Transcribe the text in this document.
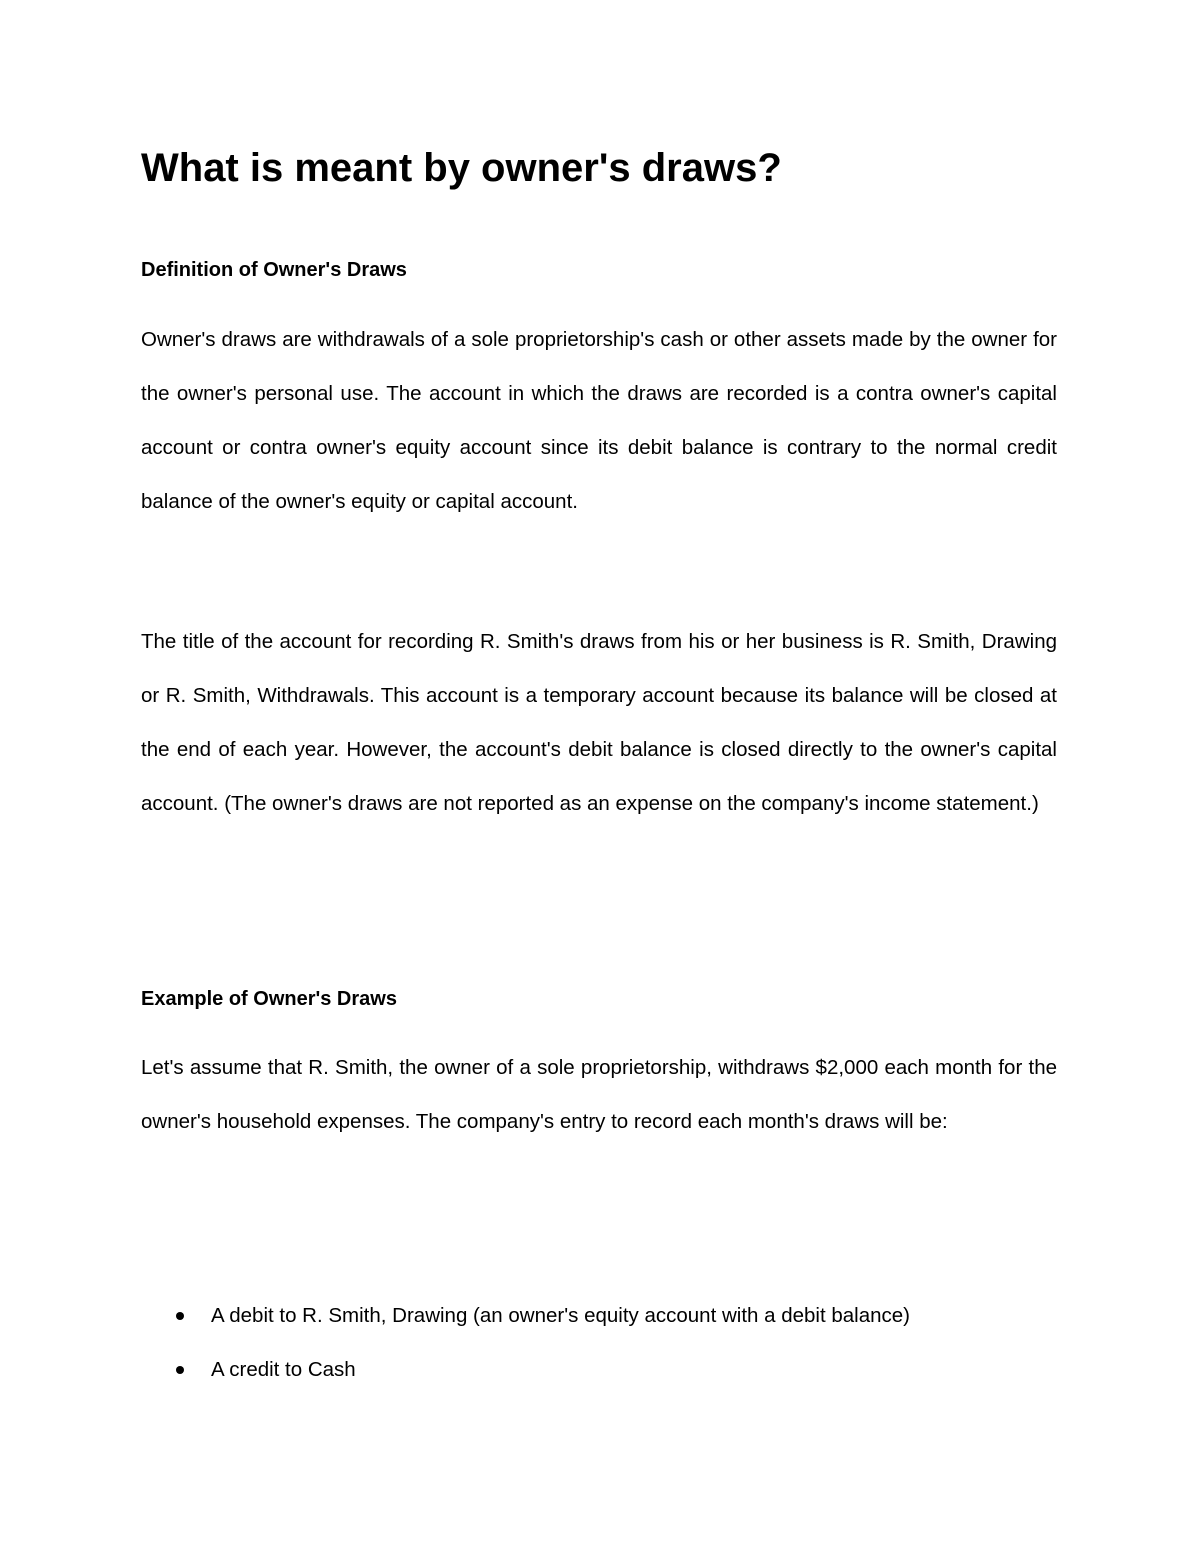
What is meant by owner's draws?
Definition of Owner's Draws

Owner's draws are withdrawals of a sole proprietorship's cash or other assets made by the owner for the owner's personal use. The account in which the draws are recorded is a contra owner's capital account or contra owner's equity account since its debit balance is contrary to the normal credit balance of the owner's equity or capital account.

The title of the account for recording R. Smith's draws from his or her business is R. Smith, Drawing or R. Smith, Withdrawals. This account is a temporary account because its balance will be closed at the end of each year. However, the account's debit balance is closed directly to the owner's capital account. (The owner's draws are not reported as an expense on the company's income statement.)

Example of Owner's Draws

Let's assume that R. Smith, the owner of a sole proprietorship, withdraws $2,000 each month for the owner's household expenses. The company's entry to record each month's draws will be:

A debit to R. Smith, Drawing (an owner's equity account with a debit balance)
A credit to Cash
